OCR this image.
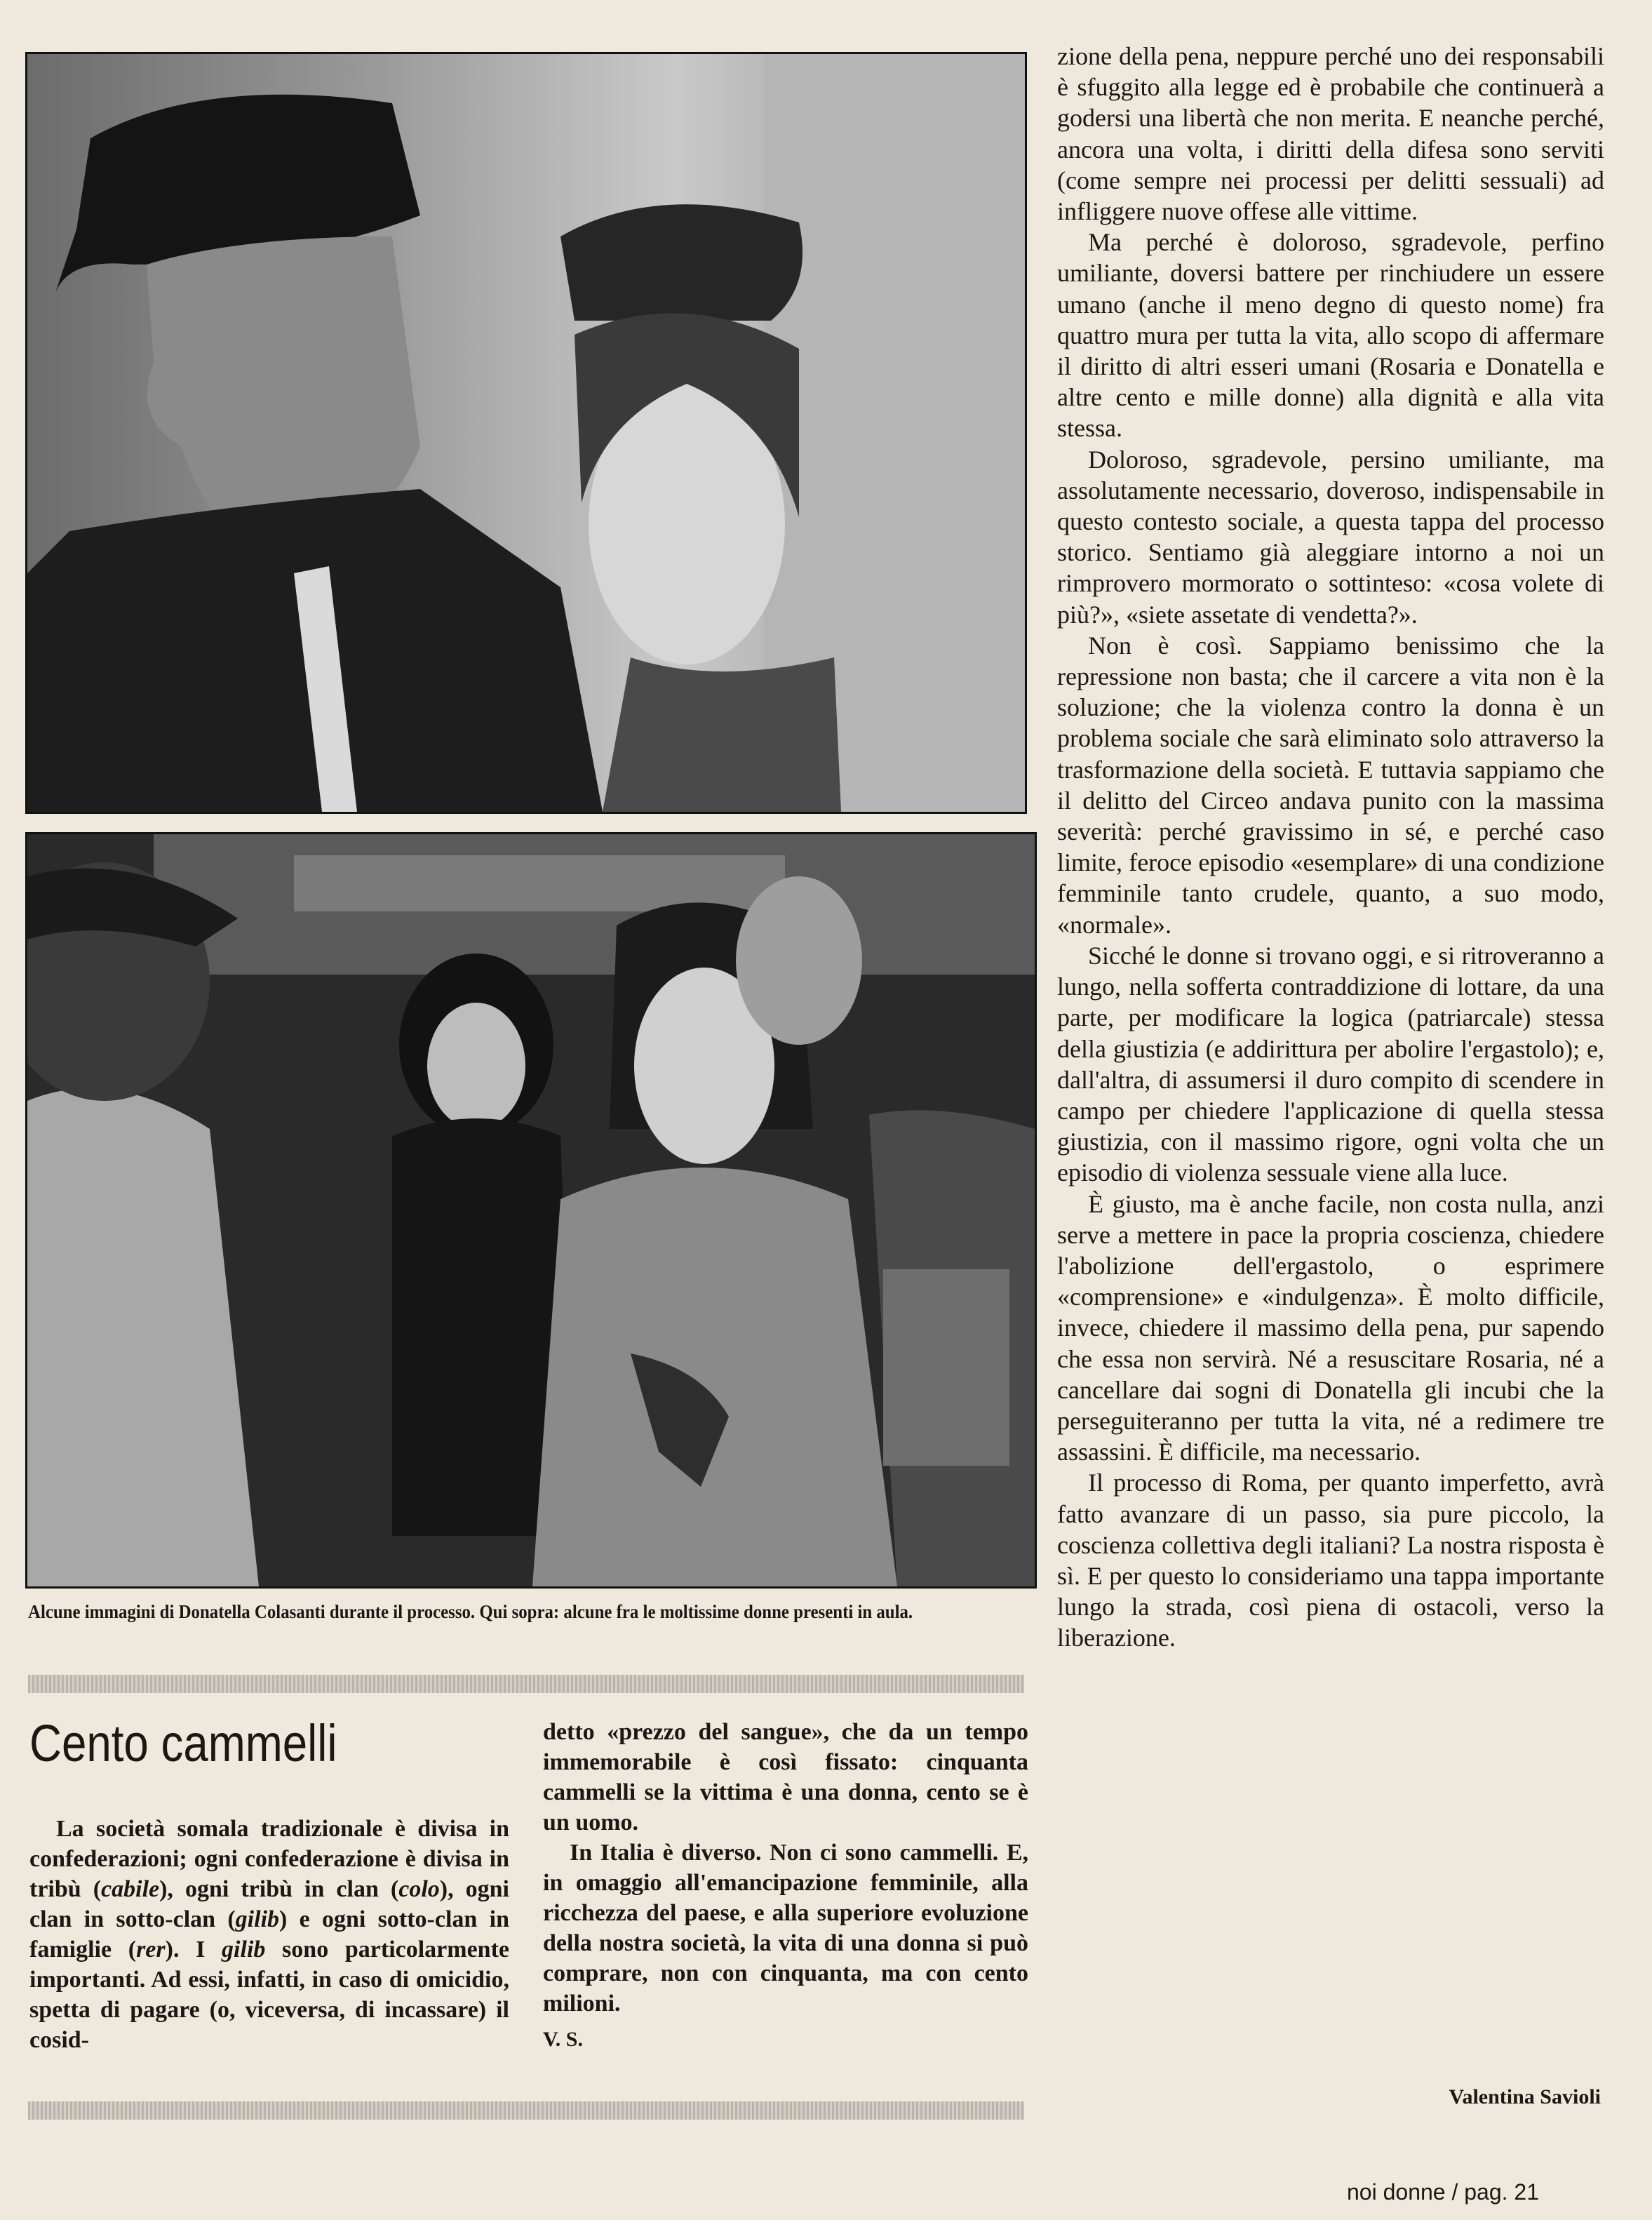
Alcune immagini di Donatella Colasanti durante il processo. Qui sopra: alcune fra le moltissime donne presenti in aula.
Cento cammelli

La società somala tradizionale è divisa in confederazioni; ogni confederazione è divisa in tribù (cabile), ogni tribù in clan (colo), ogni clan in sotto-clan (gilib) e ogni sotto-clan in famiglie (rer). I gilib sono particolarmente importanti. Ad essi, infatti, in caso di omicidio, spetta di pagare (o, viceversa, di incassare) il cosid-

detto «prezzo del sangue», che da un tempo immemorabile è così fissato: cinquanta cammelli se la vittima è una donna, cento se è un uomo.

In Italia è diverso. Non ci sono cammelli. E, in omaggio all'emancipazione femminile, alla ricchezza del paese, e alla superiore evoluzione della nostra società, la vita di una donna si può comprare, non con cinquanta, ma con cento milioni.

V. S.

zione della pena, neppure perché uno dei responsabili è sfuggito alla legge ed è probabile che continuerà a godersi una libertà che non merita. E neanche perché, ancora una volta, i diritti della difesa sono serviti (come sempre nei processi per delitti sessuali) ad infliggere nuove offese alle vittime.

Ma perché è doloroso, sgradevole, perfino umiliante, doversi battere per rinchiudere un essere umano (anche il meno degno di questo nome) fra quattro mura per tutta la vita, allo scopo di affermare il diritto di altri esseri umani (Rosaria e Donatella e altre cento e mille donne) alla dignità e alla vita stessa.

Doloroso, sgradevole, persino umiliante, ma assolutamente necessario, doveroso, indispensabile in questo contesto sociale, a questa tappa del processo storico. Sentiamo già aleggiare intorno a noi un rimprovero mormorato o sottinteso: «cosa volete di più?», «siete assetate di vendetta?».

Non è così. Sappiamo benissimo che la repressione non basta; che il carcere a vita non è la soluzione; che la violenza contro la donna è un problema sociale che sarà eliminato solo attraverso la trasformazione della società. E tuttavia sappiamo che il delitto del Circeo andava punito con la massima severità: perché gravissimo in sé, e perché caso limite, feroce episodio «esemplare» di una condizione femminile tanto crudele, quanto, a suo modo, «normale».

Sicché le donne si trovano oggi, e si ritroveranno a lungo, nella sofferta contraddizione di lottare, da una parte, per modificare la logica (patriarcale) stessa della giustizia (e addirittura per abolire l'ergastolo); e, dall'altra, di assumersi il duro compito di scendere in campo per chiedere l'applicazione di quella stessa giustizia, con il massimo rigore, ogni volta che un episodio di violenza sessuale viene alla luce.

È giusto, ma è anche facile, non costa nulla, anzi serve a mettere in pace la propria coscienza, chiedere l'abolizione dell'ergastolo, o esprimere «comprensione» e «indulgenza». È molto difficile, invece, chiedere il massimo della pena, pur sapendo che essa non servirà. Né a resuscitare Rosaria, né a cancellare dai sogni di Donatella gli incubi che la perseguiteranno per tutta la vita, né a redimere tre assassini. È difficile, ma necessario.

Il processo di Roma, per quanto imperfetto, avrà fatto avanzare di un passo, sia pure piccolo, la coscienza collettiva degli italiani? La nostra risposta è sì. E per questo lo consideriamo una tappa importante lungo la strada, così piena di ostacoli, verso la liberazione.

Valentina Savioli
noi donne / pag. 21
